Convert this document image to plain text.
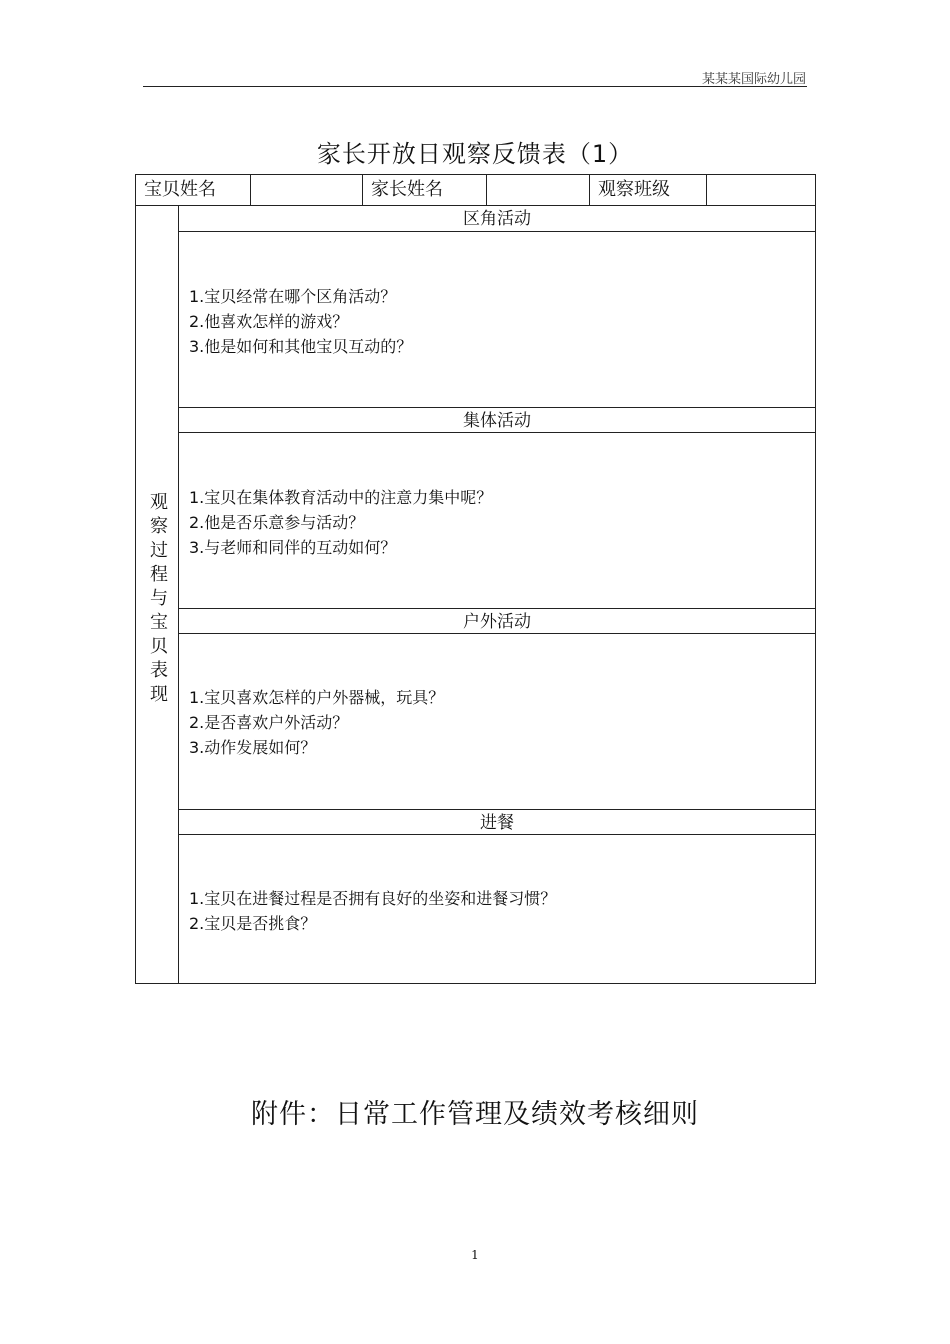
某某某国际幼儿园
家长开放日观察反馈表（1）
宝贝姓名	家长姓名	观察班级
观察过程与宝贝表现
区角活动
1.宝贝经常在哪个区角活动？
2.他喜欢怎样的游戏？
3.他是如何和其他宝贝互动的？
集体活动
1.宝贝在集体教育活动中的注意力集中呢？
2.他是否乐意参与活动？
3.与老师和同伴的互动如何？
户外活动
1.宝贝喜欢怎样的户外器械，玩具？
2.是否喜欢户外活动？
3.动作发展如何？
进餐
1.宝贝在进餐过程是否拥有良好的坐姿和进餐习惯？
2.宝贝是否挑食？
附件：日常工作管理及绩效考核细则
1
